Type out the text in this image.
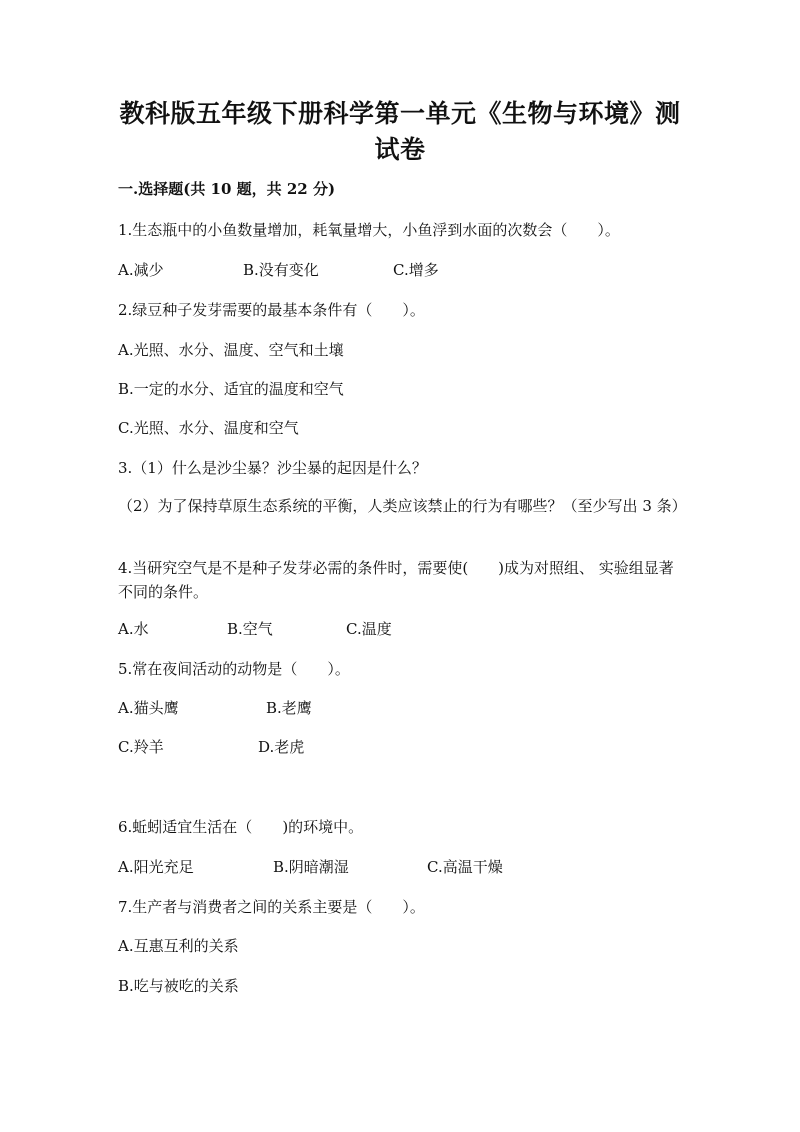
教科版五年级下册科学第一单元《生物与环境》测
试卷
一.选择题(共 10 题，共 22 分)
1.生态瓶中的小鱼数量增加，耗氧量增大，小鱼浮到水面的次数会（　　）。
A.减少	B.没有变化	C.增多
2.绿豆种子发芽需要的最基本条件有（　　）。
A.光照、水分、温度、空气和土壤
B.一定的水分、适宜的温度和空气
C.光照、水分、温度和空气
3.（1）什么是沙尘暴？沙尘暴的起因是什么？
（2）为了保持草原生态系统的平衡，人类应该禁止的行为有哪些？（至少写出 3 条）
4.当研究空气是不是种子发芽必需的条件时，需要使(　　)成为对照组、 实验组显著不同的条件。
A.水	B.空气	C.温度
5.常在夜间活动的动物是（　　）。
A.猫头鹰	B.老鹰
C.羚羊	D.老虎
6.蚯蚓适宜生活在（　　)的环境中。
A.阳光充足	B.阴暗潮湿	C.高温干燥
7.生产者与消费者之间的关系主要是（　　）。
A.互惠互利的关系
B.吃与被吃的关系
